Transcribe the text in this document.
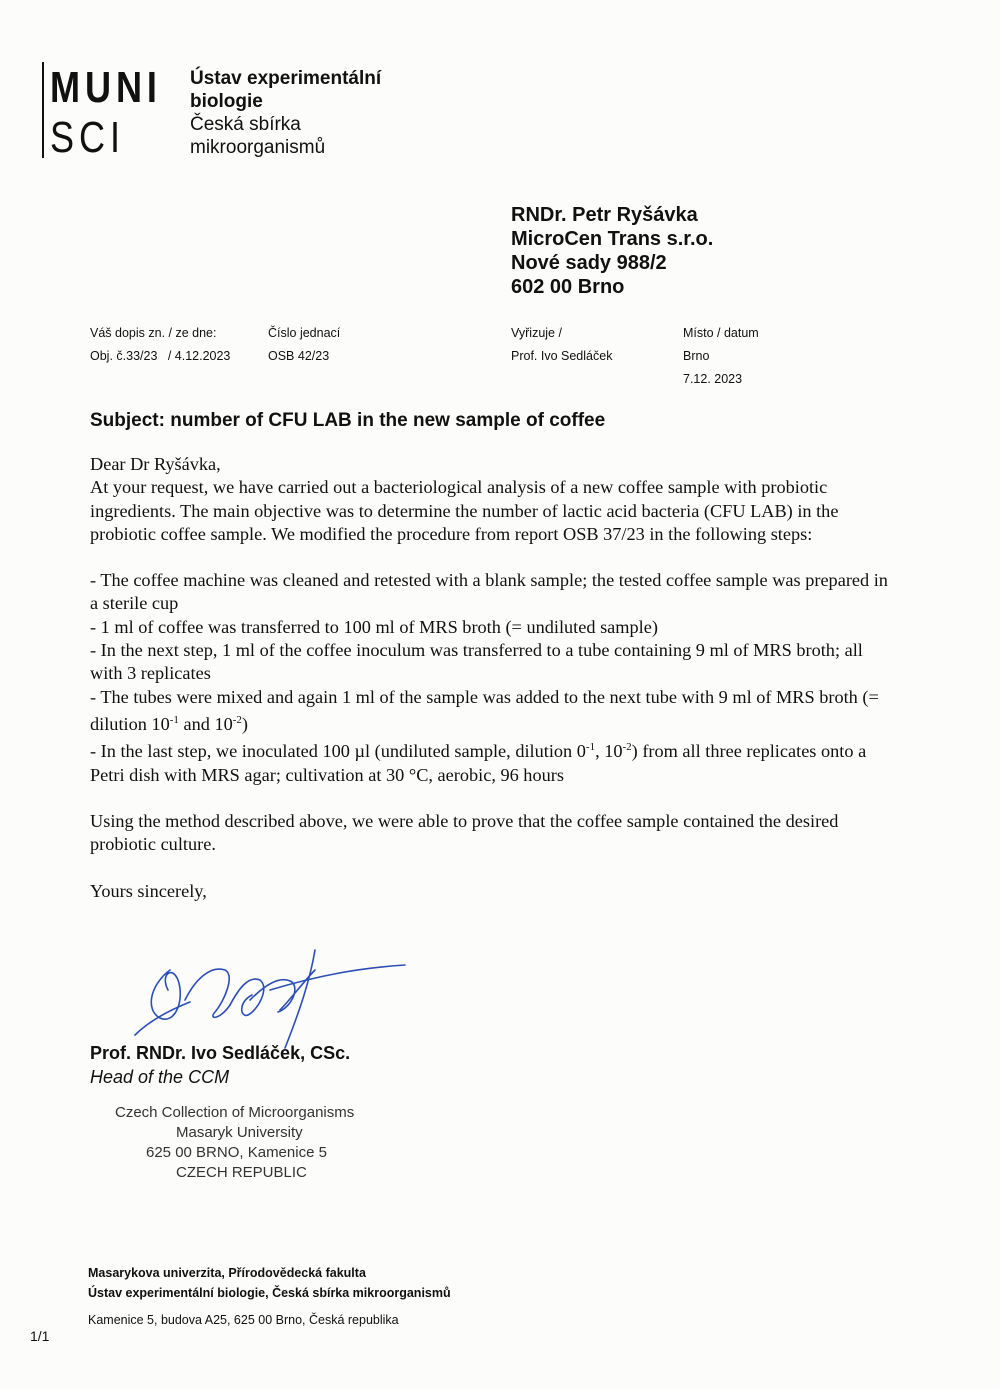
MUNI
SCI
Ústav experimentální
biologie
Česká sbírka
mikroorganismů
RNDr. Petr Ryšávka
MicroCen Trans s.r.o.
Nové sady 988/2
602 00 Brno
Váš dopis zn. / ze dne:
Obj. č.33/23   / 4.12.2023
Číslo jednací
OSB 42/23
Vyřizuje /
Prof. Ivo Sedláček
Místo / datum
Brno
7.12. 2023
Subject: number of CFU LAB in the new sample of coffee

Dear Dr Ryšávka,

At your request, we have carried out a bacteriological analysis of a new coffee sample with probiotic ingredients. The main objective was to determine the number of lactic acid bacteria (CFU LAB) in the probiotic coffee sample. We modified the procedure from report OSB 37/23 in the following steps:

- The coffee machine was cleaned and retested with a blank sample; the tested coffee sample was prepared in a sterile cup

- 1 ml of coffee was transferred to 100 ml of MRS broth (= undiluted sample)

- In the next step, 1 ml of the coffee inoculum was transferred to a tube containing 9 ml of MRS broth; all with 3 replicates

- The tubes were mixed and again 1 ml of the sample was added to the next tube with 9 ml of MRS broth (= dilution $10^{-1}$ and $10^{-2}$)

- In the last step, we inoculated 100 µl (undiluted sample, dilution $0^{-1}$, $10^{-2}$) from all three replicates onto a Petri dish with MRS agar; cultivation at 30 °C, aerobic, 96 hours

Using the method described above, we were able to prove that the coffee sample contained the desired probiotic culture.

Yours sincerely,

Prof. RNDr. Ivo Sedláček, CSc.
Head of the CCM
Czech Collection of Microorganisms
Masaryk University
625 00 BRNO, Kamenice 5
CZECH REPUBLIC
Masarykova univerzita, Přírodovědecká fakulta
Ústav experimentální biologie, Česká sbírka mikroorganismů
Kamenice 5, budova A25, 625 00 Brno, Česká republika
1/1
